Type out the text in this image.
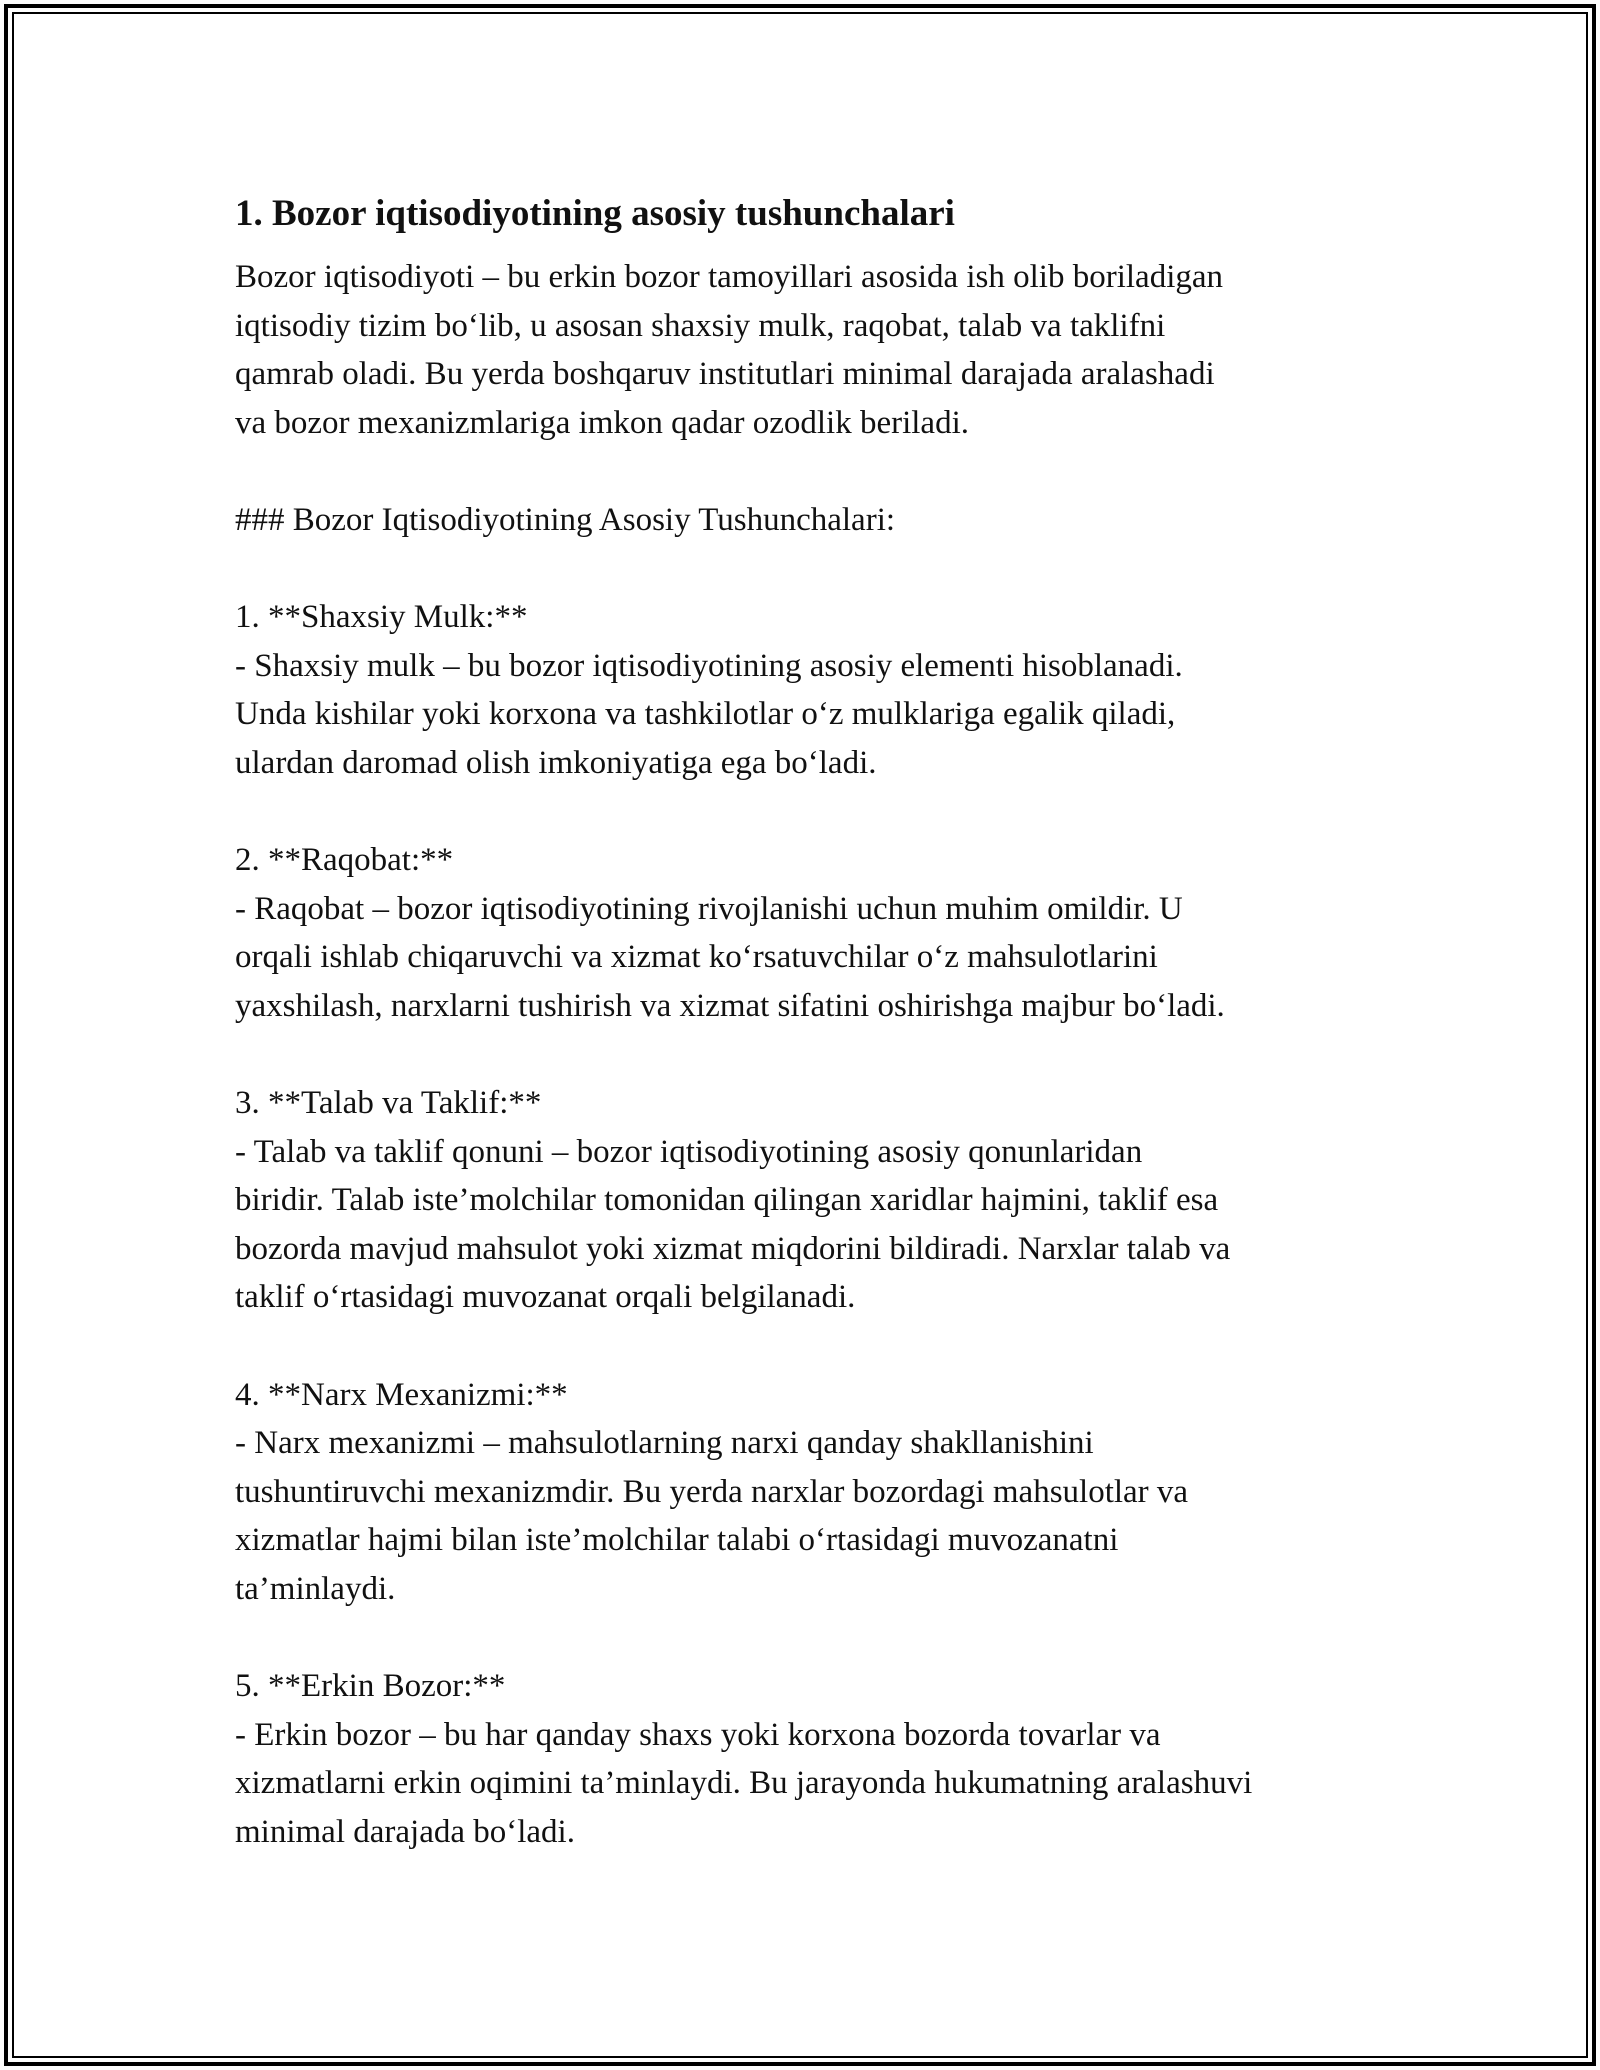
1. Bozor iqtisodiyotining asosiy tushunchalari

Bozor iqtisodiyoti – bu erkin bozor tamoyillari asosida ish olib boriladigan
iqtisodiy tizim bo‘lib, u asosan shaxsiy mulk, raqobat, talab va taklifni
qamrab oladi. Bu yerda boshqaruv institutlari minimal darajada aralashadi
va bozor mexanizmlariga imkon qadar ozodlik beriladi.

### Bozor Iqtisodiyotining Asosiy Tushunchalari:

1. **Shaxsiy Mulk:**

- Shaxsiy mulk – bu bozor iqtisodiyotining asosiy elementi hisoblanadi.
Unda kishilar yoki korxona va tashkilotlar o‘z mulklariga egalik qiladi,
ulardan daromad olish imkoniyatiga ega bo‘ladi.

2. **Raqobat:**

- Raqobat – bozor iqtisodiyotining rivojlanishi uchun muhim omildir. U
orqali ishlab chiqaruvchi va xizmat ko‘rsatuvchilar o‘z mahsulotlarini
yaxshilash, narxlarni tushirish va xizmat sifatini oshirishga majbur bo‘ladi.

3. **Talab va Taklif:**

- Talab va taklif qonuni – bozor iqtisodiyotining asosiy qonunlaridan
biridir. Talab iste’molchilar tomonidan qilingan xaridlar hajmini, taklif esa
bozorda mavjud mahsulot yoki xizmat miqdorini bildiradi. Narxlar talab va
taklif o‘rtasidagi muvozanat orqali belgilanadi.

4. **Narx Mexanizmi:**

- Narx mexanizmi – mahsulotlarning narxi qanday shakllanishini
tushuntiruvchi mexanizmdir. Bu yerda narxlar bozordagi mahsulotlar va
xizmatlar hajmi bilan iste’molchilar talabi o‘rtasidagi muvozanatni
ta’minlaydi.

5. **Erkin Bozor:**

- Erkin bozor – bu har qanday shaxs yoki korxona bozorda tovarlar va
xizmatlarni erkin oqimini ta’minlaydi. Bu jarayonda hukumatning aralashuvi
minimal darajada bo‘ladi.
